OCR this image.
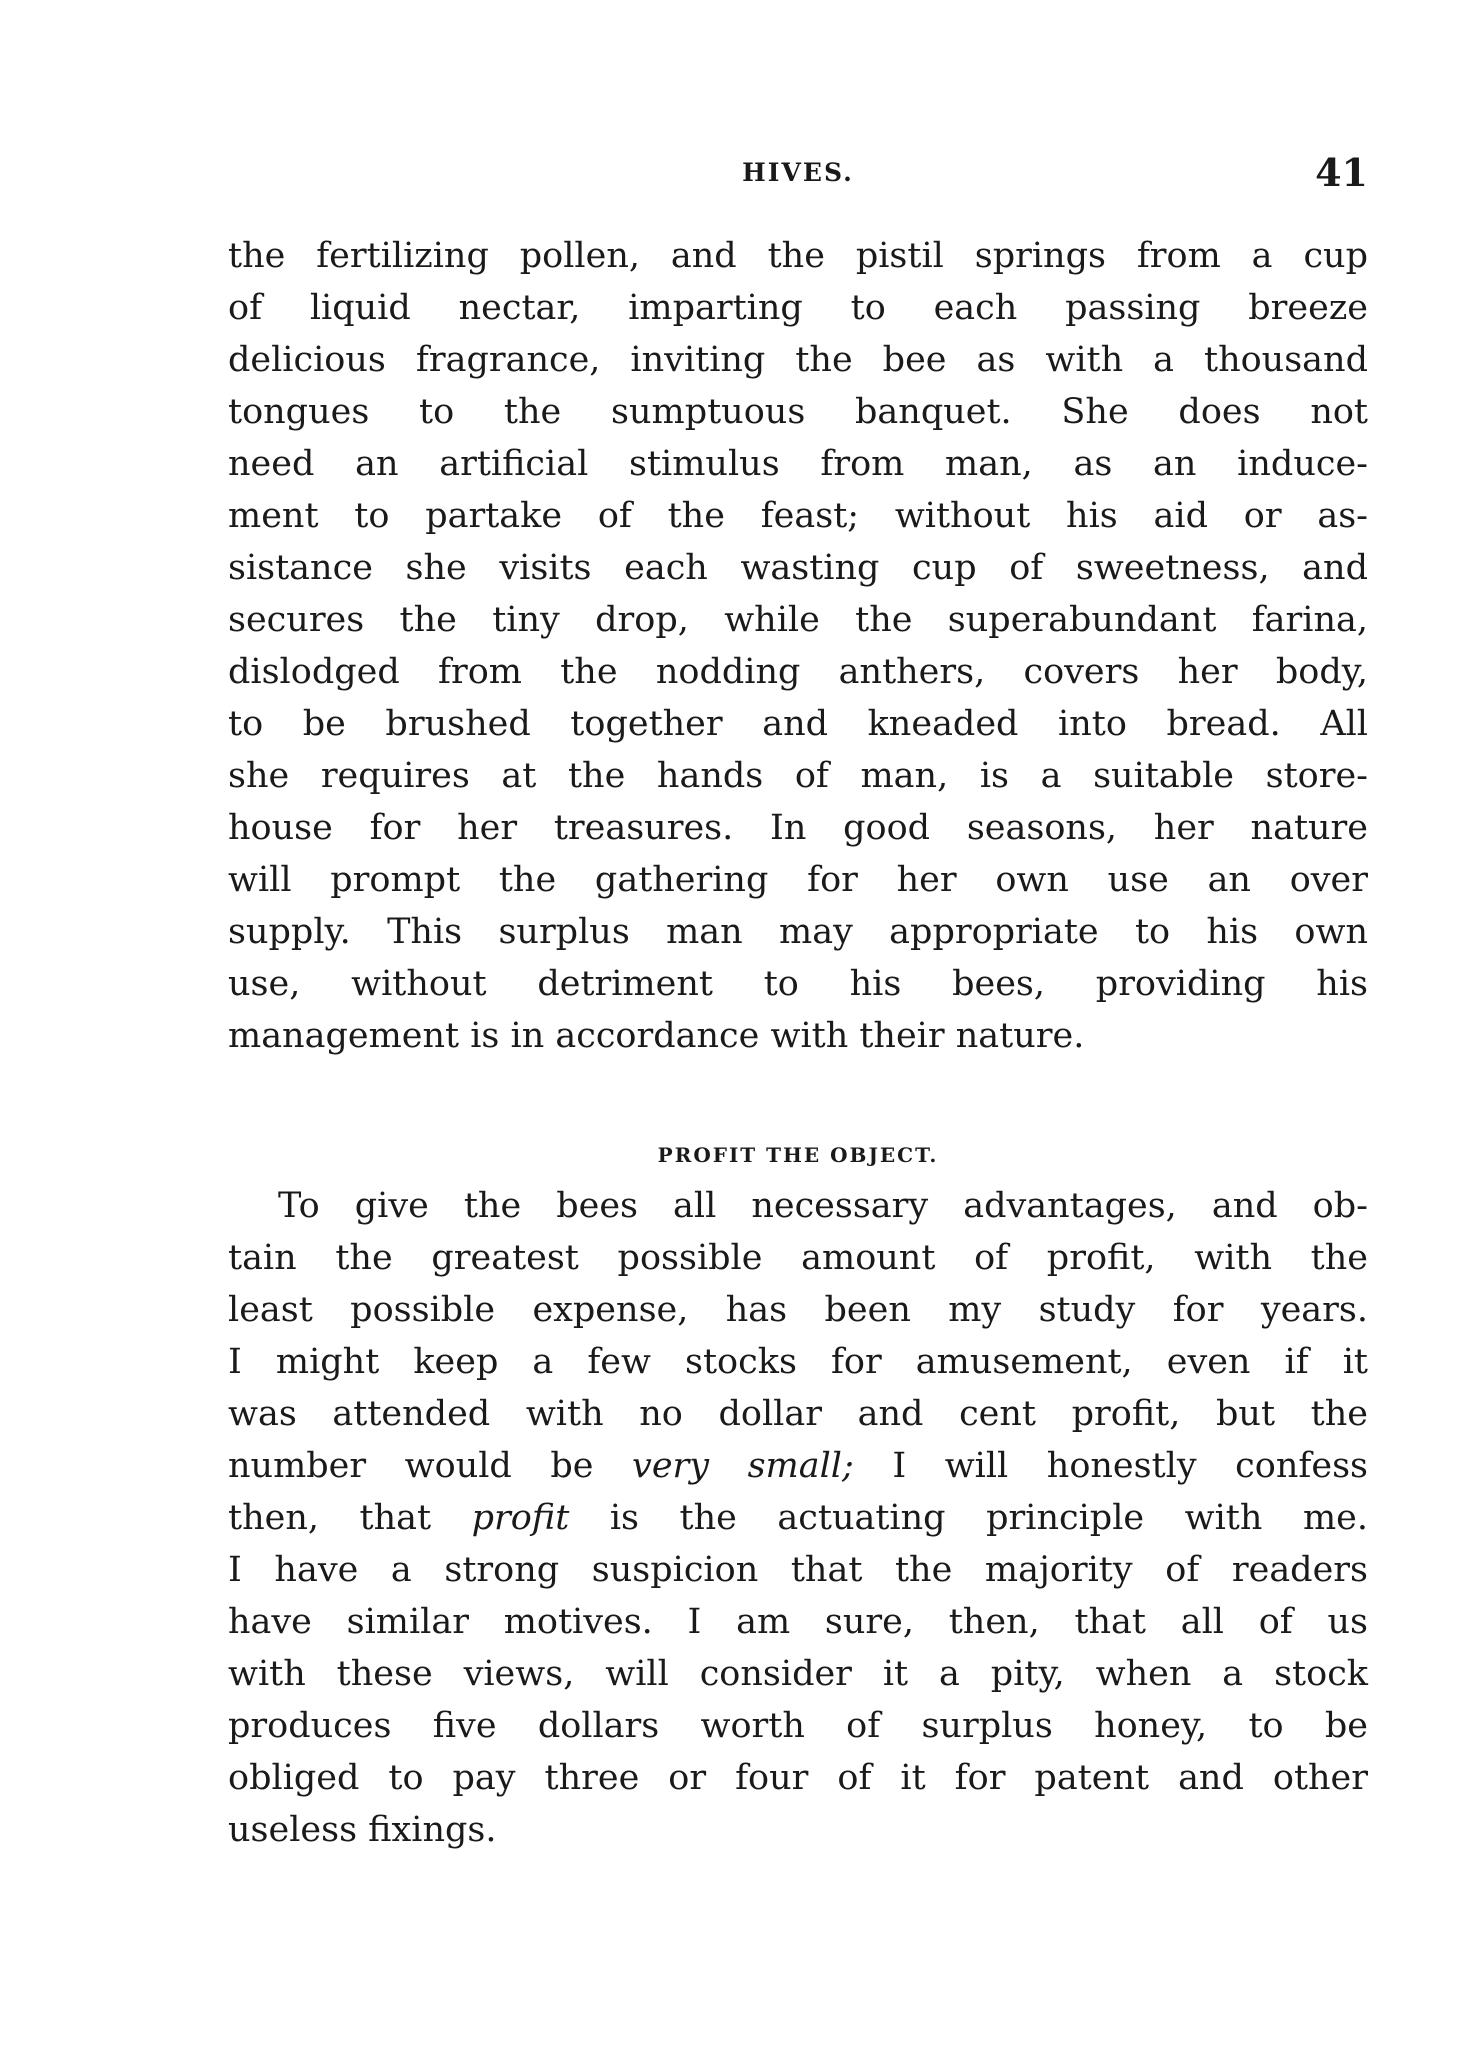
HIVES.	41
the fertilizing pollen, and the pistil springs from a cup
of liquid nectar, imparting to each passing breeze
delicious fragrance, inviting the bee as with a thousand
tongues to the sumptuous banquet. She does not
need an artificial stimulus from man, as an induce-
ment to partake of the feast; without his aid or as-
sistance she visits each wasting cup of sweetness, and
secures the tiny drop, while the superabundant farina,
dislodged from the nodding anthers, covers her body,
to be brushed together and kneaded into bread. All
she requires at the hands of man, is a suitable store-
house for her treasures. In good seasons, her nature
will prompt the gathering for her own use an over
supply. This surplus man may appropriate to his own
use, without detriment to his bees, providing his
management is in accordance with their nature.
PROFIT THE OBJECT.
To give the bees all necessary advantages, and ob-
tain the greatest possible amount of profit, with the
least possible expense, has been my study for years.
I might keep a few stocks for amusement, even if it
was attended with no dollar and cent profit, but the
number would be very small; I will honestly confess
then, that profit is the actuating principle with me.
I have a strong suspicion that the majority of readers
have similar motives. I am sure, then, that all of us
with these views, will consider it a pity, when a stock
produces five dollars worth of surplus honey, to be
obliged to pay three or four of it for patent and other
useless fixings.
